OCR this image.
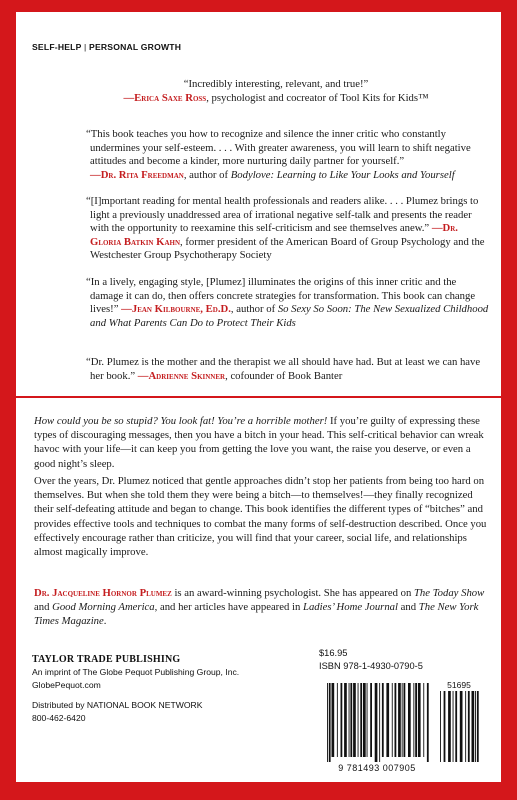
SELF-HELP | PERSONAL GROWTH
“Incredibly interesting, relevant, and true!”
—Erica Saxe Ross, psychologist and cocreator of Tool Kits for Kids™
“This book teaches you how to recognize and silence the inner critic who constantly undermines your self-esteem. . . . With greater awareness, you will learn to shift negative attitudes and become a kinder, more nurturing daily partner for yourself.”
—Dr. Rita Freedman, author of Bodylove: Learning to Like Your Looks and Yourself
“[I]mportant reading for mental health professionals and readers alike. . . . Plumez brings to light a previously unaddressed area of irrational negative self-talk and presents the reader with the opportunity to reexamine this self-criticism and see themselves anew.” —Dr. Gloria Batkin Kahn, former president of the American Board of Group Psychology and the Westchester Group Psychotherapy Society
“In a lively, engaging style, [Plumez] illuminates the origins of this inner critic and the damage it can do, then offers concrete strategies for transformation. This book can change lives!” —Jean Kilbourne, Ed.D., author of So Sexy So Soon: The New Sexualized Childhood and What Parents Can Do to Protect Their Kids
“Dr. Plumez is the mother and the therapist we all should have had. But at least we can have her book.” —Adrienne Skinner, cofounder of Book Banter

How could you be so stupid? You look fat! You’re a horrible mother! If you’re guilty of expressing these types of discouraging messages, then you have a bitch in your head. This self-critical behavior can wreak havoc with your life—it can keep you from getting the love you want, the raise you deserve, or even a good night’s sleep.

Over the years, Dr. Plumez noticed that gentle approaches didn’t stop her patients from being too hard on themselves. But when she told them they were being a bitch—to themselves!—they finally recognized their self-defeating attitude and began to change. This book identifies the different types of “bitches” and provides effective tools and techniques to combat the many forms of self-destruction described. Once you effectively encourage rather than criticize, you will find that your career, social life, and relationships almost magically improve.

Dr. Jacqueline Hornor Plumez is an award-winning psychologist. She has appeared on The Today Show and Good Morning America, and her articles have appeared in Ladies’ Home Journal and The New York Times Magazine.

TAYLOR TRADE PUBLISHING
An imprint of The Globe Pequot Publishing Group, Inc.
GlobePequot.com
Distributed by NATIONAL BOOK NETWORK
800-462-6420
$16.95
ISBN 978-1-4930-0790-5
51695
9 781493 007905
